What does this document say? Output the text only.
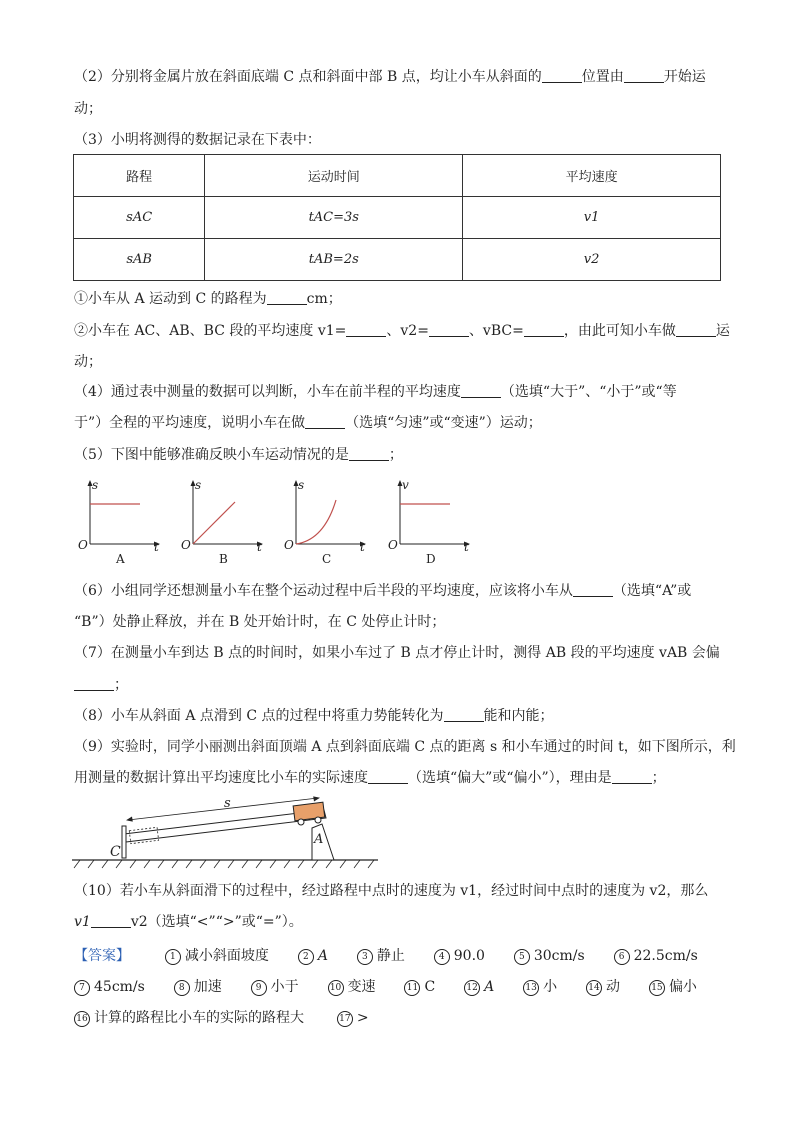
（2）分别将金属片放在斜面底端 C 点和斜面中部 B 点，均让小车从斜面的	位置由	开始运
动；
（3）小明将测得的数据记录在下表中：
路程	运动时间	平均速度
sAC	tAC=3s	v1
sAB	tAB=2s	v2
①小车从 A 运动到 C 的路程为	cm；
②小车在 AC、AB、BC 段的平均速度 v1=	、v2=	、vBC=	，由此可知小车做	运
动；
（4）通过表中测量的数据可以判断，小车在前半程的平均速度	（选填“大于”、“小于”或“等
于”）全程的平均速度，说明小车在做	（选填“匀速”或“变速”）运动；
（5）下图中能够准确反映小车运动情况的是	；
s
O	t
A
s
O	t
B
s
O	t
C
v
O	t
D
（6）小组同学还想测量小车在整个运动过程中后半段的平均速度，应该将小车从	（选填“A”或
“B”）处静止释放，并在 B 处开始计时，在 C 处停止计时；
（7）在测量小车到达 B 点的时间时，如果小车过了 B 点才停止计时，测得 AB 段的平均速度 vAB 会偏
；
（8）小车从斜面 A 点滑到 C 点的过程中将重力势能转化为	能和内能；
（9）实验时，同学小丽测出斜面顶端 A 点到斜面底端 C 点的距离 s 和小车通过的时间 t，如下图所示，利
用测量的数据计算出平均速度比小车的实际速度	（选填“偏大”或“偏小”），理由是	；
s
A
C
（10）若小车从斜面滑下的过程中，经过路程中点时的速度为 v1，经过时间中点时的速度为 v2，那么
v1	v2（选填“<”“>”或“=”）。
【答案】	1 减小斜面坡度	2 A	3 静止	4 90.0	5 30cm/s	6 22.5cm/s
7 45cm/s	8 加速	9 小于	10 变速	11 C	12 A	13 小	14 动	15 偏小
16 计算的路程比小车的实际的路程大	17 >
